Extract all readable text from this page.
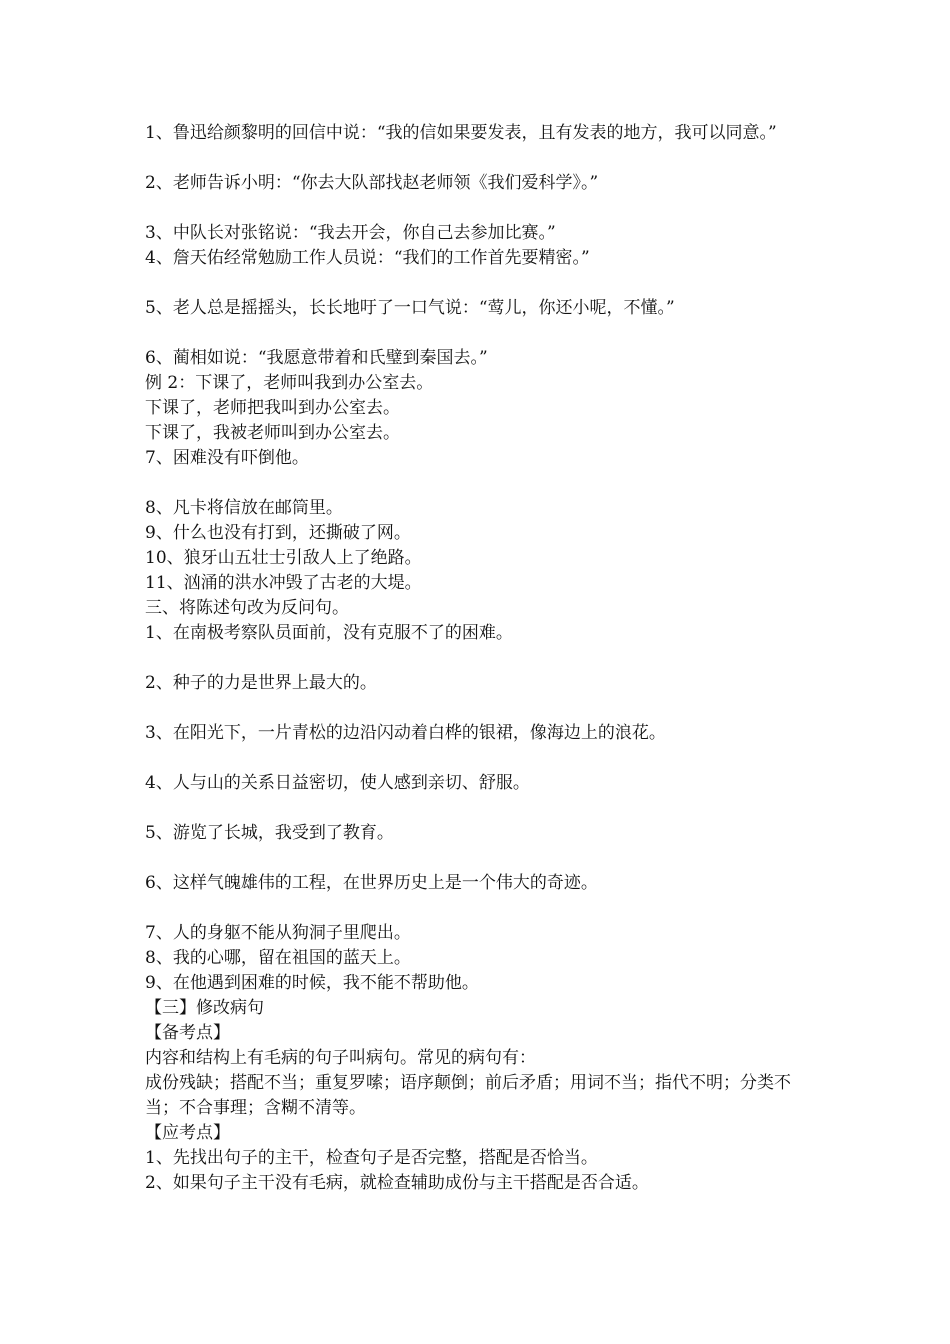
1、鲁迅给颜黎明的回信中说：“我的信如果要发表，且有发表的地方，我可以同意。”

2、老师告诉小明：“你去大队部找赵老师领《我们爱科学》。”

3、中队长对张铭说：“我去开会，你自己去参加比赛。”

4、詹天佑经常勉励工作人员说：“我们的工作首先要精密。”

5、老人总是摇摇头，长长地吁了一口气说：“莺儿，你还小呢，不懂。”

6、蔺相如说：“我愿意带着和氏璧到秦国去。”

例 2：下课了，老师叫我到办公室去。

下课了，老师把我叫到办公室去。

下课了，我被老师叫到办公室去。

7、困难没有吓倒他。

8、凡卡将信放在邮筒里。

9、什么也没有打到，还撕破了网。

10、狼牙山五壮士引敌人上了绝路。

11、汹涌的洪水冲毁了古老的大堤。

三、将陈述句改为反问句。

1、在南极考察队员面前，没有克服不了的困难。

2、种子的力是世界上最大的。

3、在阳光下，一片青松的边沿闪动着白桦的银裙，像海边上的浪花。

4、人与山的关系日益密切，使人感到亲切、舒服。

5、游览了长城，我受到了教育。

6、这样气魄雄伟的工程，在世界历史上是一个伟大的奇迹。

7、人的身躯不能从狗洞子里爬出。

8、我的心哪，留在祖国的蓝天上。

9、在他遇到困难的时候，我不能不帮助他。

【三】修改病句

【备考点】

内容和结构上有毛病的句子叫病句。常见的病句有：

成份残缺；搭配不当；重复罗嗦；语序颠倒；前后矛盾；用词不当；指代不明；分类不当；不合事理；含糊不清等。

【应考点】

1、先找出句子的主干，检查句子是否完整，搭配是否恰当。

2、如果句子主干没有毛病，就检查辅助成份与主干搭配是否合适。
